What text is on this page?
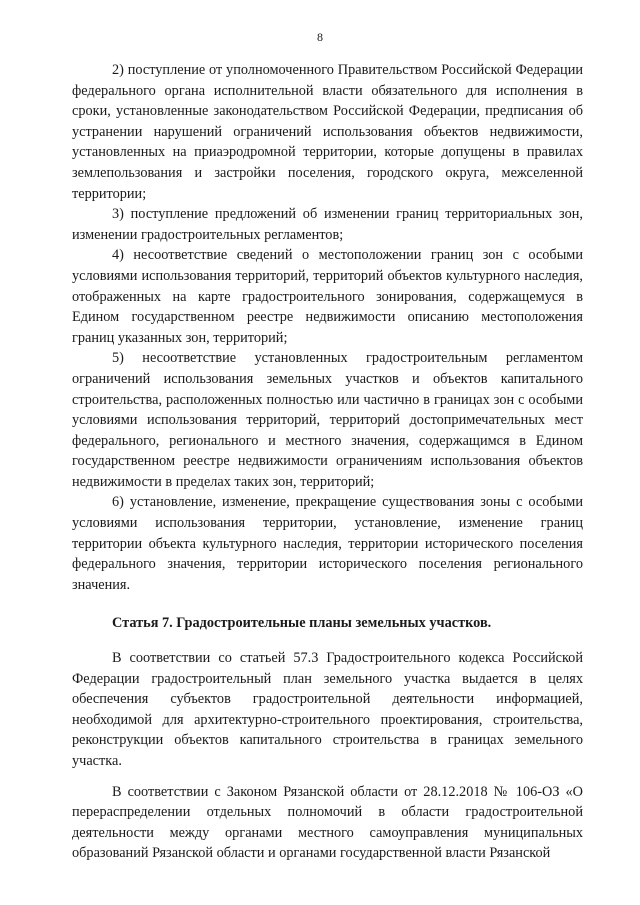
8

2) поступление от уполномоченного Правительством Российской Федерации федерального органа исполнительной власти обязательного для исполнения в сроки, установленные законодательством Российской Федерации, предписания об устранении нарушений ограничений использования объектов недвижимости, установленных на приаэродромной территории, которые допущены в правилах землепользования и застройки поселения, городского округа, межселенной территории;

3) поступление предложений об изменении границ территориальных зон, изменении градостроительных регламентов;

4) несоответствие сведений о местоположении границ зон с особыми условиями использования территорий, территорий объектов культурного наследия, отображенных на карте градостроительного зонирования, содержащемуся в Едином государственном реестре недвижимости описанию местоположения границ указанных зон, территорий;

5) несоответствие установленных градостроительным регламентом ограничений использования земельных участков и объектов капитального строительства, расположенных полностью или частично в границах зон с особыми условиями использования территорий, территорий достопримечательных мест федерального, регионального и местного значения, содержащимся в Едином государственном реестре недвижимости ограничениям использования объектов недвижимости в пределах таких зон, территорий;

6) установление, изменение, прекращение существования зоны с особыми условиями использования территории, установление, изменение границ территории объекта культурного наследия, территории исторического поселения федерального значения, территории исторического поселения регионального значения.

Статья 7. Градостроительные планы земельных участков.

В соответствии со статьей 57.3 Градостроительного кодекса Российской Федерации градостроительный план земельного участка выдается в целях обеспечения субъектов градостроительной деятельности информацией, необходимой для архитектурно-строительного проектирования, строительства, реконструкции объектов капитального строительства в границах земельного участка.

В соответствии с Законом Рязанской области от 28.12.2018 № 106-ОЗ «О перераспределении отдельных полномочий в области градостроительной деятельности между органами местного самоуправления муниципальных образований Рязанской области и органами государственной власти Рязанской
